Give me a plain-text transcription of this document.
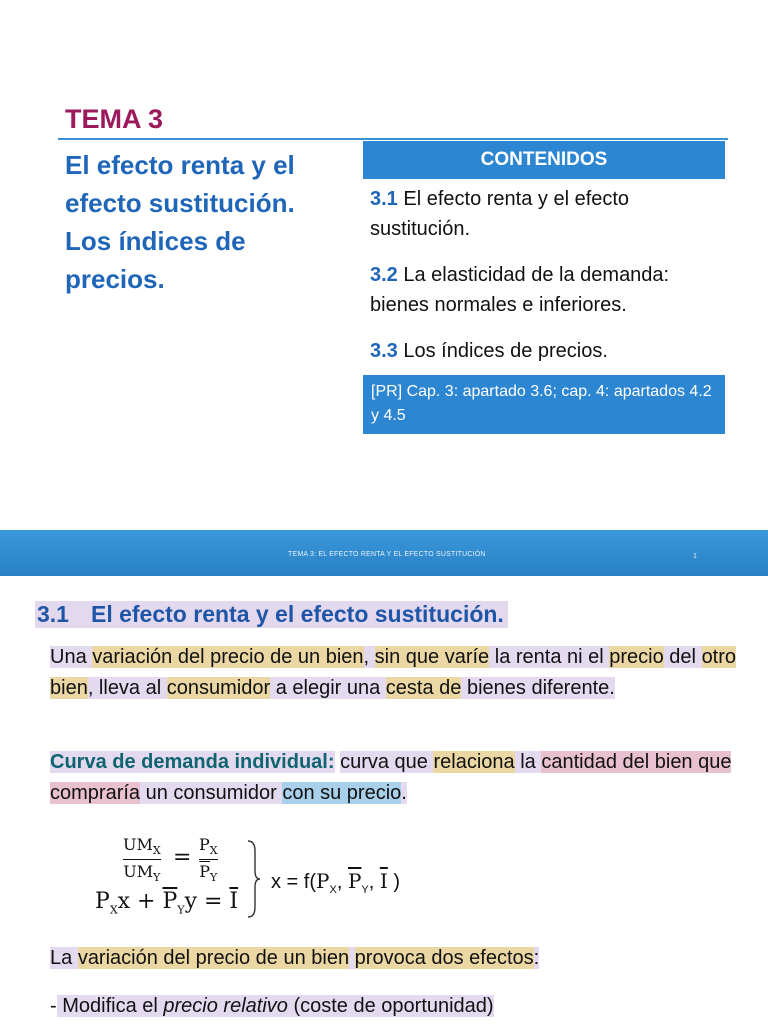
TEMA 3
El efecto renta y el
efecto sustitución.
Los índices de
precios.
CONTENIDOS
3.1 El efecto renta y el efecto sustitución.
3.2 La elasticidad de la demanda: bienes normales e inferiores.
3.3 Los índices de precios.
[PR] Cap. 3: apartado 3.6; cap. 4: apartados 4.2 y 4.5
TEMA 3: EL EFECTO RENTA Y EL EFECTO SUSTITUCIÓN	1
3.1 El efecto renta y el efecto sustitución.
Una variación del precio de un bien, sin que varíe la renta ni el precio del otro bien, lleva al consumidor a elegir una cesta de bienes diferente.
Curva de demanda individual: curva que relaciona la cantidad del bien que compraría un consumidor con su precio.
$UM_X$
$UM_Y$
=
$P_X$
$\overline{P}_Y$
$P_Xx + \overline{P}_Yy = \overline{I}$
$x = f(P_X$, $\overline{P}_Y$, $\overline{I}$ )
La variación del precio de un bien provoca dos efectos:
- Modifica el precio relativo (coste de oportunidad)
